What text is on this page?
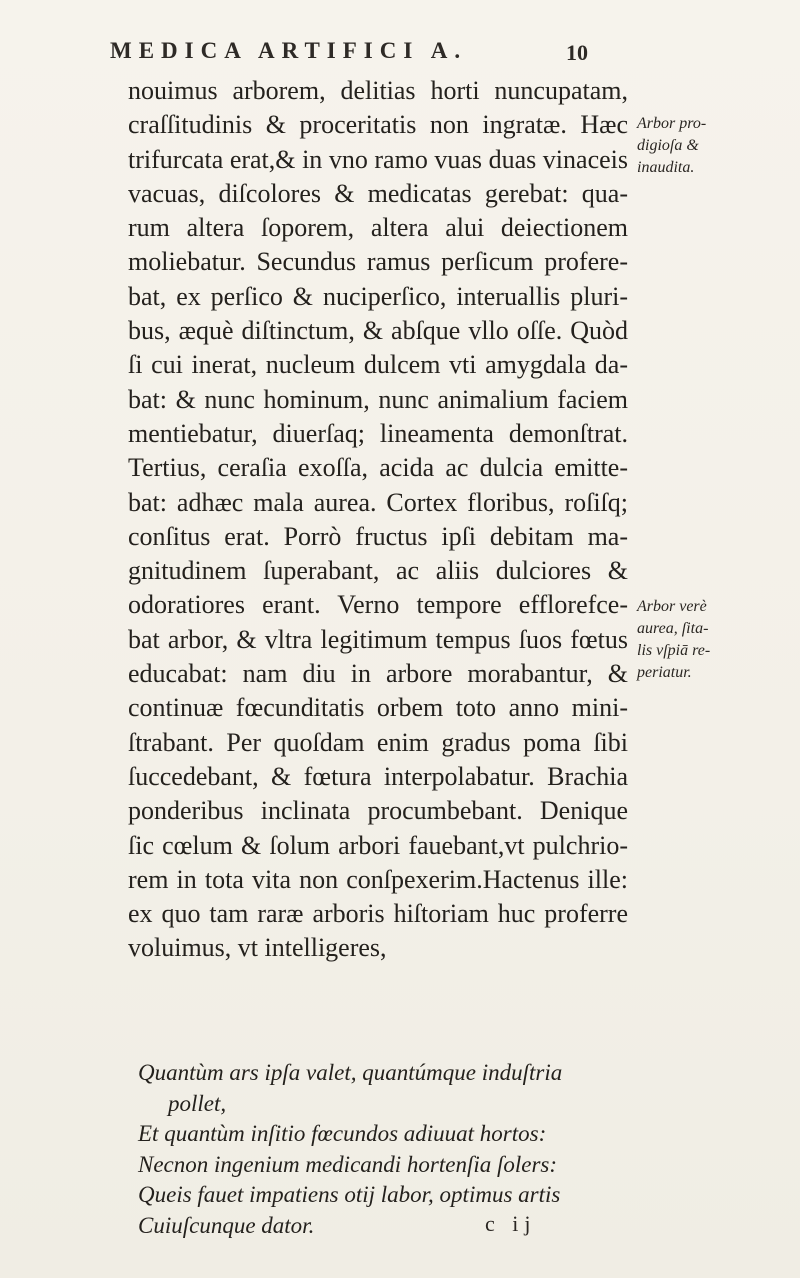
MEDICA ARTIFICI A.	10
nouimus arborem, delitias horti nuncupatam,
craſſitudinis & proceritatis non ingratæ. Hæc
trifurcata erat,& in vno ramo vuas duas vinaceis
vacuas, diſcolores & medicatas gerebat: qua-
rum altera ſoporem, altera alui deiectionem
moliebatur. Secundus ramus perſicum profere-
bat, ex perſico & nuciperſico, interuallis pluri-
bus, æquè diſtinctum, & abſque vllo oſſe. Quòd
ſi cui inerat, nucleum dulcem vti amygdala da-
bat: & nunc hominum, nunc animalium faciem
mentiebatur, diuerſaq; lineamenta demonſtrat.
Tertius, ceraſia exoſſa, acida ac dulcia emitte-
bat: adhæc mala aurea. Cortex floribus, roſiſq;
conſitus erat. Porrò fructus ipſi debitam ma-
gnitudinem ſuperabant, ac aliis dulciores &
odoratiores erant. Verno tempore efflorefce-
bat arbor, & vltra legitimum tempus ſuos fœtus
educabat: nam diu in arbore morabantur, &
continuæ fœcunditatis orbem toto anno mini-
ſtrabant. Per quoſdam enim gradus poma ſibi
ſuccedebant, & fœtura interpolabatur. Brachia
ponderibus inclinata procumbebant. Denique
ſic cœlum & ſolum arbori fauebant,vt pulchrio-
rem in tota vita non conſpexerim.Hactenus ille:
ex quo tam raræ arboris hiſtoriam huc proferre
voluimus, vt intelligeres,
Quantùm ars ipſa valet, quantúmque induſtria
pollet,
Et quantùm inſitio fœcundos adiuuat hortos:
Necnon ingenium medicandi hortenſia ſolers:
Queis fauet impatiens otij labor, optimus artis
Cuiuſcunque dator.
Arbor pro-
digioſa &
inaudita.
Arbor verè
aurea, ſita-
lis vſpiā re-
periatur.
c ij
